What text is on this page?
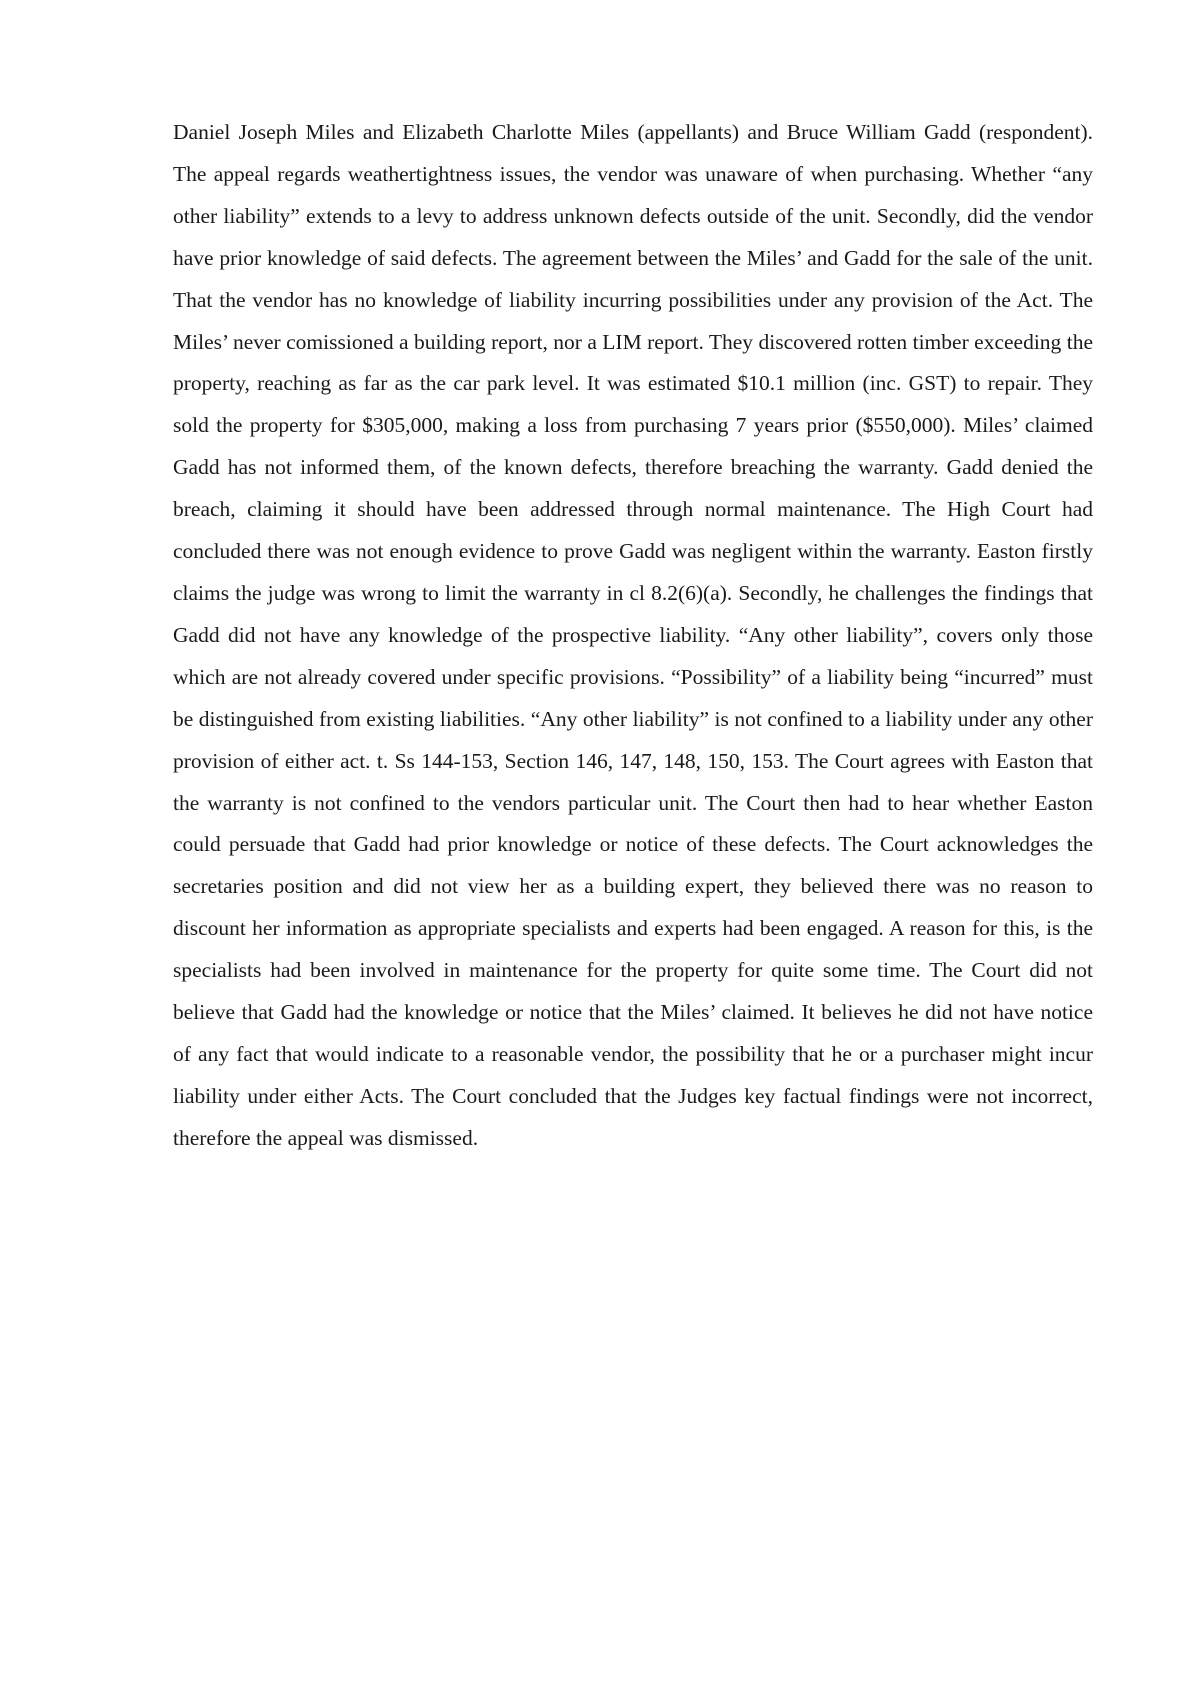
Daniel Joseph Miles and Elizabeth Charlotte Miles (appellants) and Bruce William Gadd (respondent). The appeal regards weathertightness issues, the vendor was unaware of when purchasing. Whether “any other liability” extends to a levy to address unknown defects outside of the unit. Secondly, did the vendor have prior knowledge of said defects. The agreement between the Miles’ and Gadd for the sale of the unit. That the vendor has no knowledge of liability incurring possibilities under any provision of the Act. The Miles’ never comissioned a building report, nor a LIM report. They discovered rotten timber exceeding the property, reaching as far as the car park level. It was estimated $10.1 million (inc. GST) to repair. They sold the property for $305,000, making a loss from purchasing 7 years prior ($550,000). Miles’ claimed Gadd has not informed them, of the known defects, therefore breaching the warranty. Gadd denied the breach, claiming it should have been addressed through normal maintenance. The High Court had concluded there was not enough evidence to prove Gadd was negligent within the warranty. Easton firstly claims the judge was wrong to limit the warranty in cl 8.2(6)(a). Secondly, he challenges the findings that Gadd did not have any knowledge of the prospective liability. “Any other liability”, covers only those which are not already covered under specific provisions. “Possibility” of a liability being “incurred” must be distinguished from existing liabilities. “Any other liability” is not confined to a liability under any other provision of either act. t. Ss 144-153, Section 146, 147, 148, 150, 153. The Court agrees with Easton that the warranty is not confined to the vendors particular unit. The Court then had to hear whether Easton could persuade that Gadd had prior knowledge or notice of these defects. The Court acknowledges the secretaries position and did not view her as a building expert, they believed there was no reason to discount her information as appropriate specialists and experts had been engaged. A reason for this, is the specialists had been involved in maintenance for the property for quite some time. The Court did not believe that Gadd had the knowledge or notice that the Miles’ claimed. It believes he did not have notice of any fact that would indicate to a reasonable vendor, the possibility that he or a purchaser might incur liability under either Acts. The Court concluded that the Judges key factual findings were not incorrect, therefore the appeal was dismissed.
